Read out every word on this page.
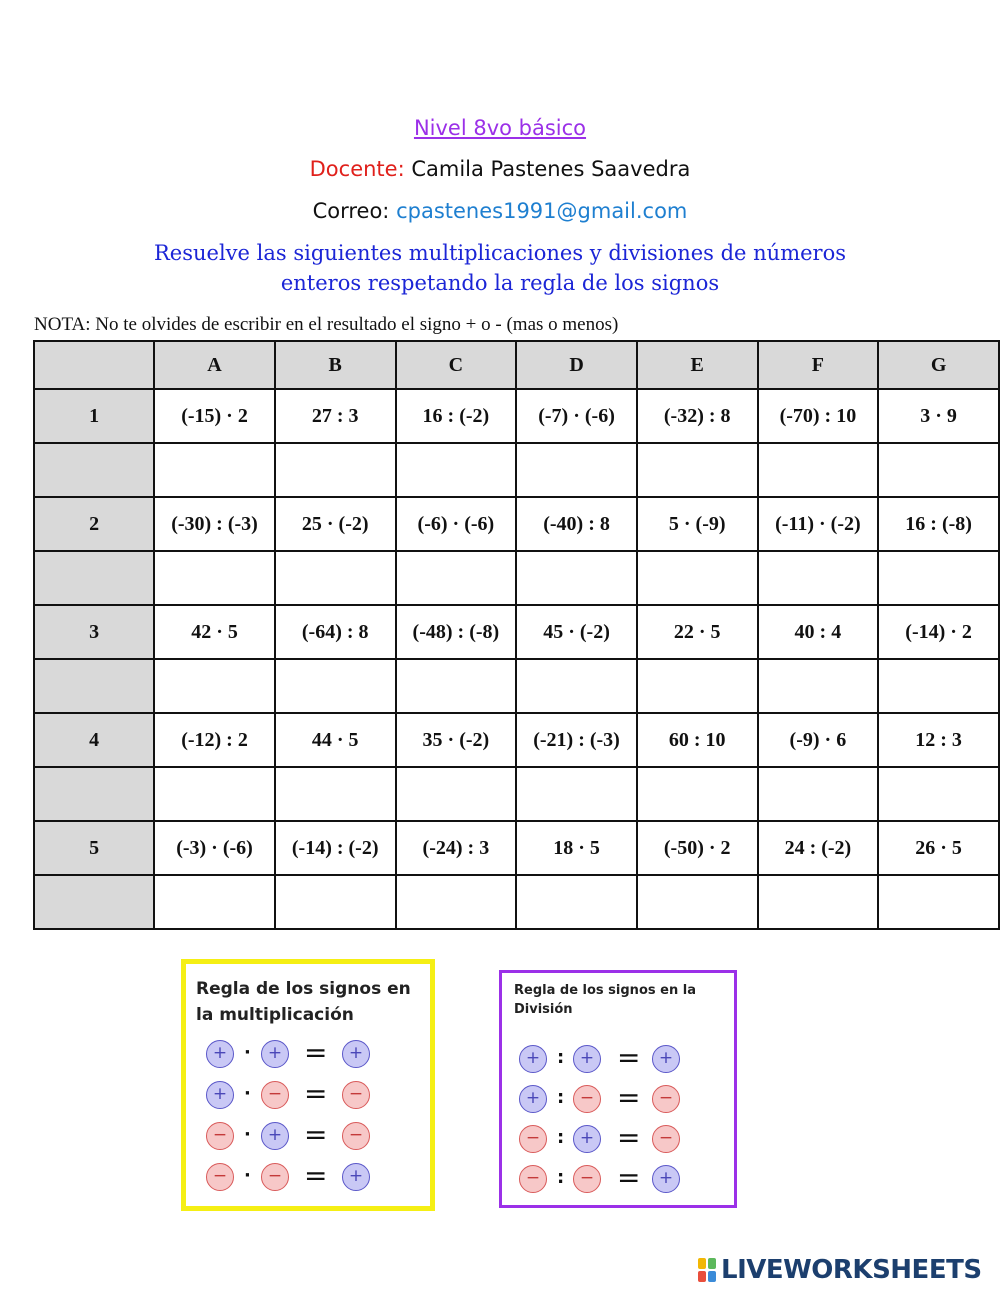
Nivel 8vo básico
Docente: Camila Pastenes Saavedra
Correo: cpastenes1991@gmail.com
Resuelve las siguientes multiplicaciones y divisiones de números
enteros respetando la regla de los signos
NOTA: No te olvides de escribir en el resultado el signo + o - (mas o menos)
	A	B	C	D	E	F	G
1	(-15) · 2	27 : 3	16 : (-2)	(-7) · (-6)	(-32) : 8	(-70) : 10	3 · 9

2	(-30) : (-3)	25 · (-2)	(-6) · (-6)	(-40) : 8	5 · (-9)	(-11) · (-2)	16 : (-8)

3	42 · 5	(-64) : 8	(-48) : (-8)	45 · (-2)	22 · 5	40 : 4	(-14) · 2

4	(-12) : 2	44 · 5	35 · (-2)	(-21) : (-3)	60 : 10	(-9) · 6	12 : 3

5	(-3) · (-6)	(-14) : (-2)	(-24) : 3	18 · 5	(-50) · 2	24 : (-2)	26 · 5

Regla de los signos en la multiplicación
+ ·	+ =	+
+ ·	− =	−
− ·	+ =	−
− ·	− =	+
Regla de los signos en la División
+ : + =	+
+ : − =	−
− : + =	−
− : − =	+
LIVEWORKSHEETS
